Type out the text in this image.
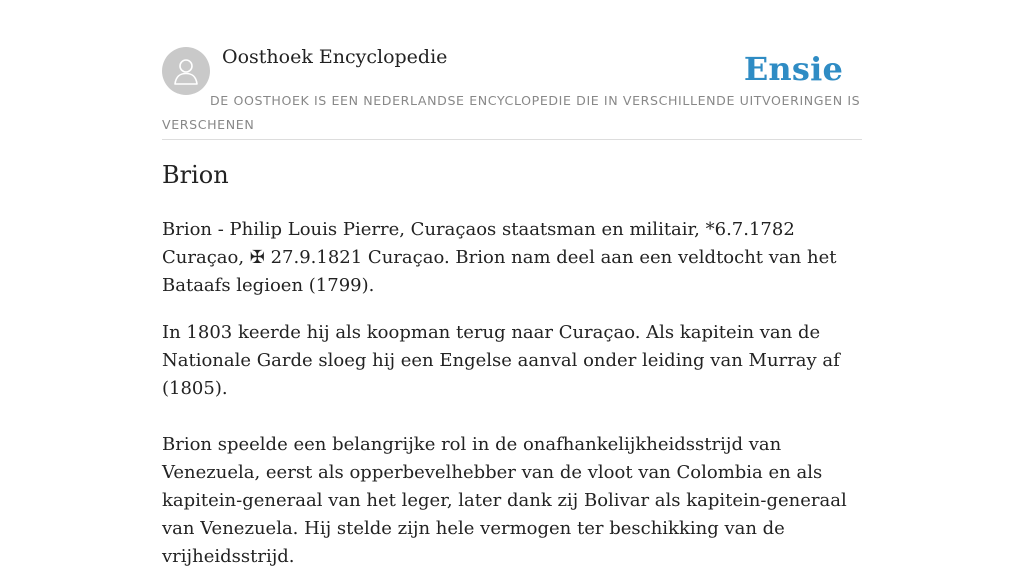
Oosthoek Encyclopedie	Ensie
DE OOSTHOEK IS EEN NEDERLANDSE ENCYCLOPEDIE DIE IN VERSCHILLENDE UITVOERINGEN IS VERSCHENEN
Brion

Brion - Philip Louis Pierre, Curaçaos staatsman en militair, *6.7.1782 Curaçao, ✠ 27.9.1821 Curaçao. Brion nam deel aan een veldtocht van het Bataafs legioen (1799).

In 1803 keerde hij als koopman terug naar Curaçao. Als kapitein van de Nationale Garde sloeg hij een Engelse aanval onder leiding van Murray af (1805).

Brion speelde een belangrijke rol in de onafhankelijkheidsstrijd van Venezuela, eerst als opperbevelhebber van de vloot van Colombia en als kapitein-generaal van het leger, later dank zij Bolivar als kapitein-generaal van Venezuela. Hij stelde zijn hele vermogen ter beschikking van de vrijheidsstrijd.
